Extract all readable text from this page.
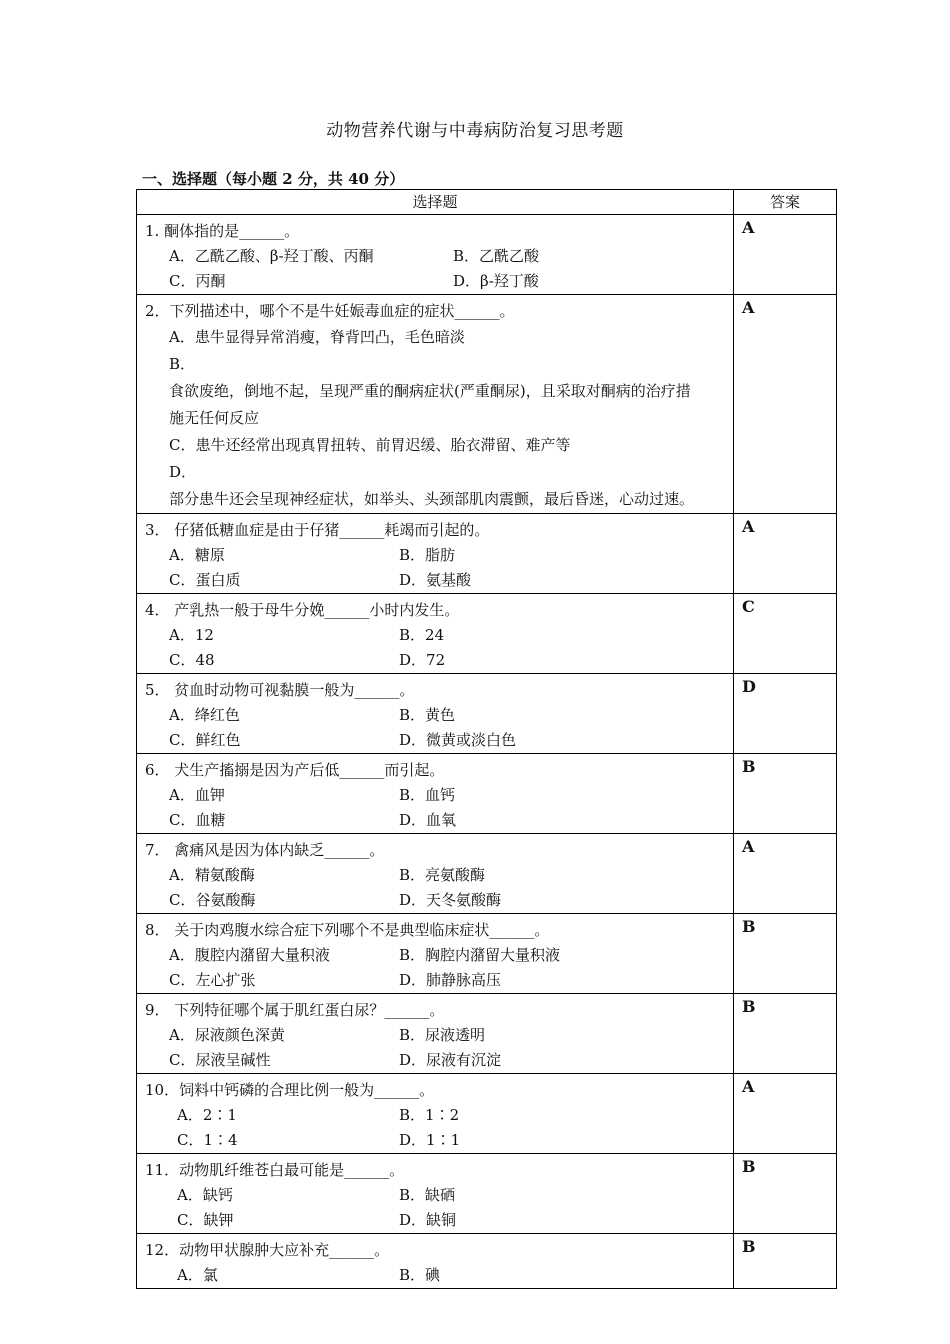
动物营养代谢与中毒病防治复习思考题
一、选择题（每小题 2 分，共 40 分）
选择题	答案

1. 酮体指的是______。
A．乙酰乙酸、β-羟丁酸、丙酮 B．乙酰乙酸
C．丙酮 D．β-羟丁酸	A

2．下列描述中，哪个不是牛妊娠毒血症的症状______。
A．患牛显得异常消瘦，脊背凹凸，毛色暗淡
B．食欲废绝，倒地不起，呈现严重的酮病症状(严重酮尿)，且采取对酮病的治疗措施无任何反应
C．患牛还经常出现真胃扭转、前胃迟缓、胎衣滞留、难产等
D．部分患牛还会呈现神经症状，如举头、头颈部肌肉震颤，最后昏迷，心动过速。	A

3． 仔猪低糖血症是由于仔猪______耗竭而引起的。
A．糖原 B．脂肪
C．蛋白质 D．氨基酸	A

4． 产乳热一般于母牛分娩______小时内发生。
A．12 B．24
C．48 D．72	C

5． 贫血时动物可视黏膜一般为______。
A．绛红色 B．黄色
C．鲜红色 D．微黄或淡白色	D

6． 犬生产搐搦是因为产后低______而引起。
A．血钾 B．血钙
C．血糖 D．血氧	B

7． 禽痛风是因为体内缺乏______。
A．精氨酸酶 B．亮氨酸酶
C．谷氨酸酶 D．天冬氨酸酶	A

8． 关于肉鸡腹水综合症下列哪个不是典型临床症状______。
A．腹腔内潴留大量积液 B．胸腔内潴留大量积液
C．左心扩张 D．肺静脉高压	B

9． 下列特征哪个属于肌红蛋白尿？______。
A．尿液颜色深黄 B．尿液透明
C．尿液呈碱性 D．尿液有沉淀	B

10．饲料中钙磷的合理比例一般为______。
A．2∶1 B．1∶2
C．1∶4 D．1∶1	A

11．动物肌纤维苍白最可能是______。
A．缺钙 B．缺硒
C．缺钾 D．缺铜	B

12．动物甲状腺肿大应补充______。
A．氯 B．碘	B
